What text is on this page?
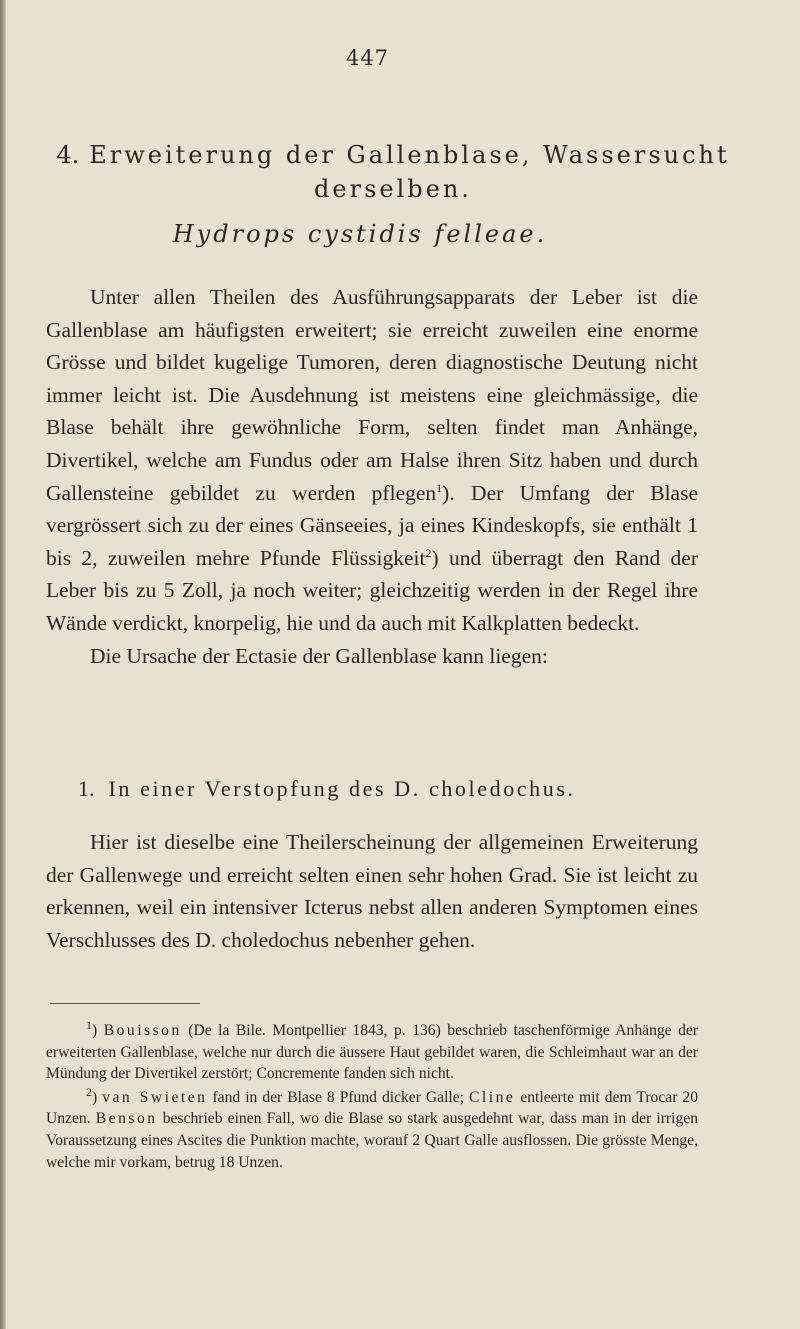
447
4. Erweiterung der Gallenblase, Wassersucht derselben.
Hydrops cystidis felleae.

Unter allen Theilen des Ausführungsapparats der Leber ist die Gallenblase am häufigsten erweitert; sie erreicht zuweilen eine enorme Grösse und bildet kugelige Tumoren, deren diagnostische Deutung nicht immer leicht ist. Die Ausdehnung ist meistens eine gleichmässige, die Blase behält ihre gewöhnliche Form, selten findet man Anhänge, Divertikel, welche am Fundus oder am Halse ihren Sitz haben und durch Gallensteine gebildet zu werden pflegen$^1$). Der Umfang der Blase vergrössert sich zu der eines Gänseeies, ja eines Kindeskopfs, sie enthält 1 bis 2, zuweilen mehre Pfunde Flüssigkeit$^2$) und überragt den Rand der Leber bis zu 5 Zoll, ja noch weiter; gleichzeitig werden in der Regel ihre Wände verdickt, knorpelig, hie und da auch mit Kalkplatten bedeckt.

Die Ursache der Ectasie der Gallenblase kann liegen:

1. In einer Verstopfung des D. choledochus.

Hier ist dieselbe eine Theilerscheinung der allgemeinen Erweiterung der Gallenwege und erreicht selten einen sehr hohen Grad. Sie ist leicht zu erkennen, weil ein intensiver Icterus nebst allen anderen Symptomen eines Verschlusses des D. choledochus nebenher gehen.

$^1$) Bouisson (De la Bile. Montpellier 1843, p. 136) beschrieb taschenförmige Anhänge der erweiterten Gallenblase, welche nur durch die äussere Haut gebildet waren, die Schleimhaut war an der Mündung der Divertikel zerstört; Concremente fanden sich nicht.

$^2$) van Swieten fand in der Blase 8 Pfund dicker Galle; Cline entleerte mit dem Trocar 20 Unzen. Benson beschrieb einen Fall, wo die Blase so stark ausgedehnt war, dass man in der irrigen Voraussetzung eines Ascites die Punktion machte, worauf 2 Quart Galle ausflossen. Die grösste Menge, welche mir vorkam, betrug 18 Unzen.
